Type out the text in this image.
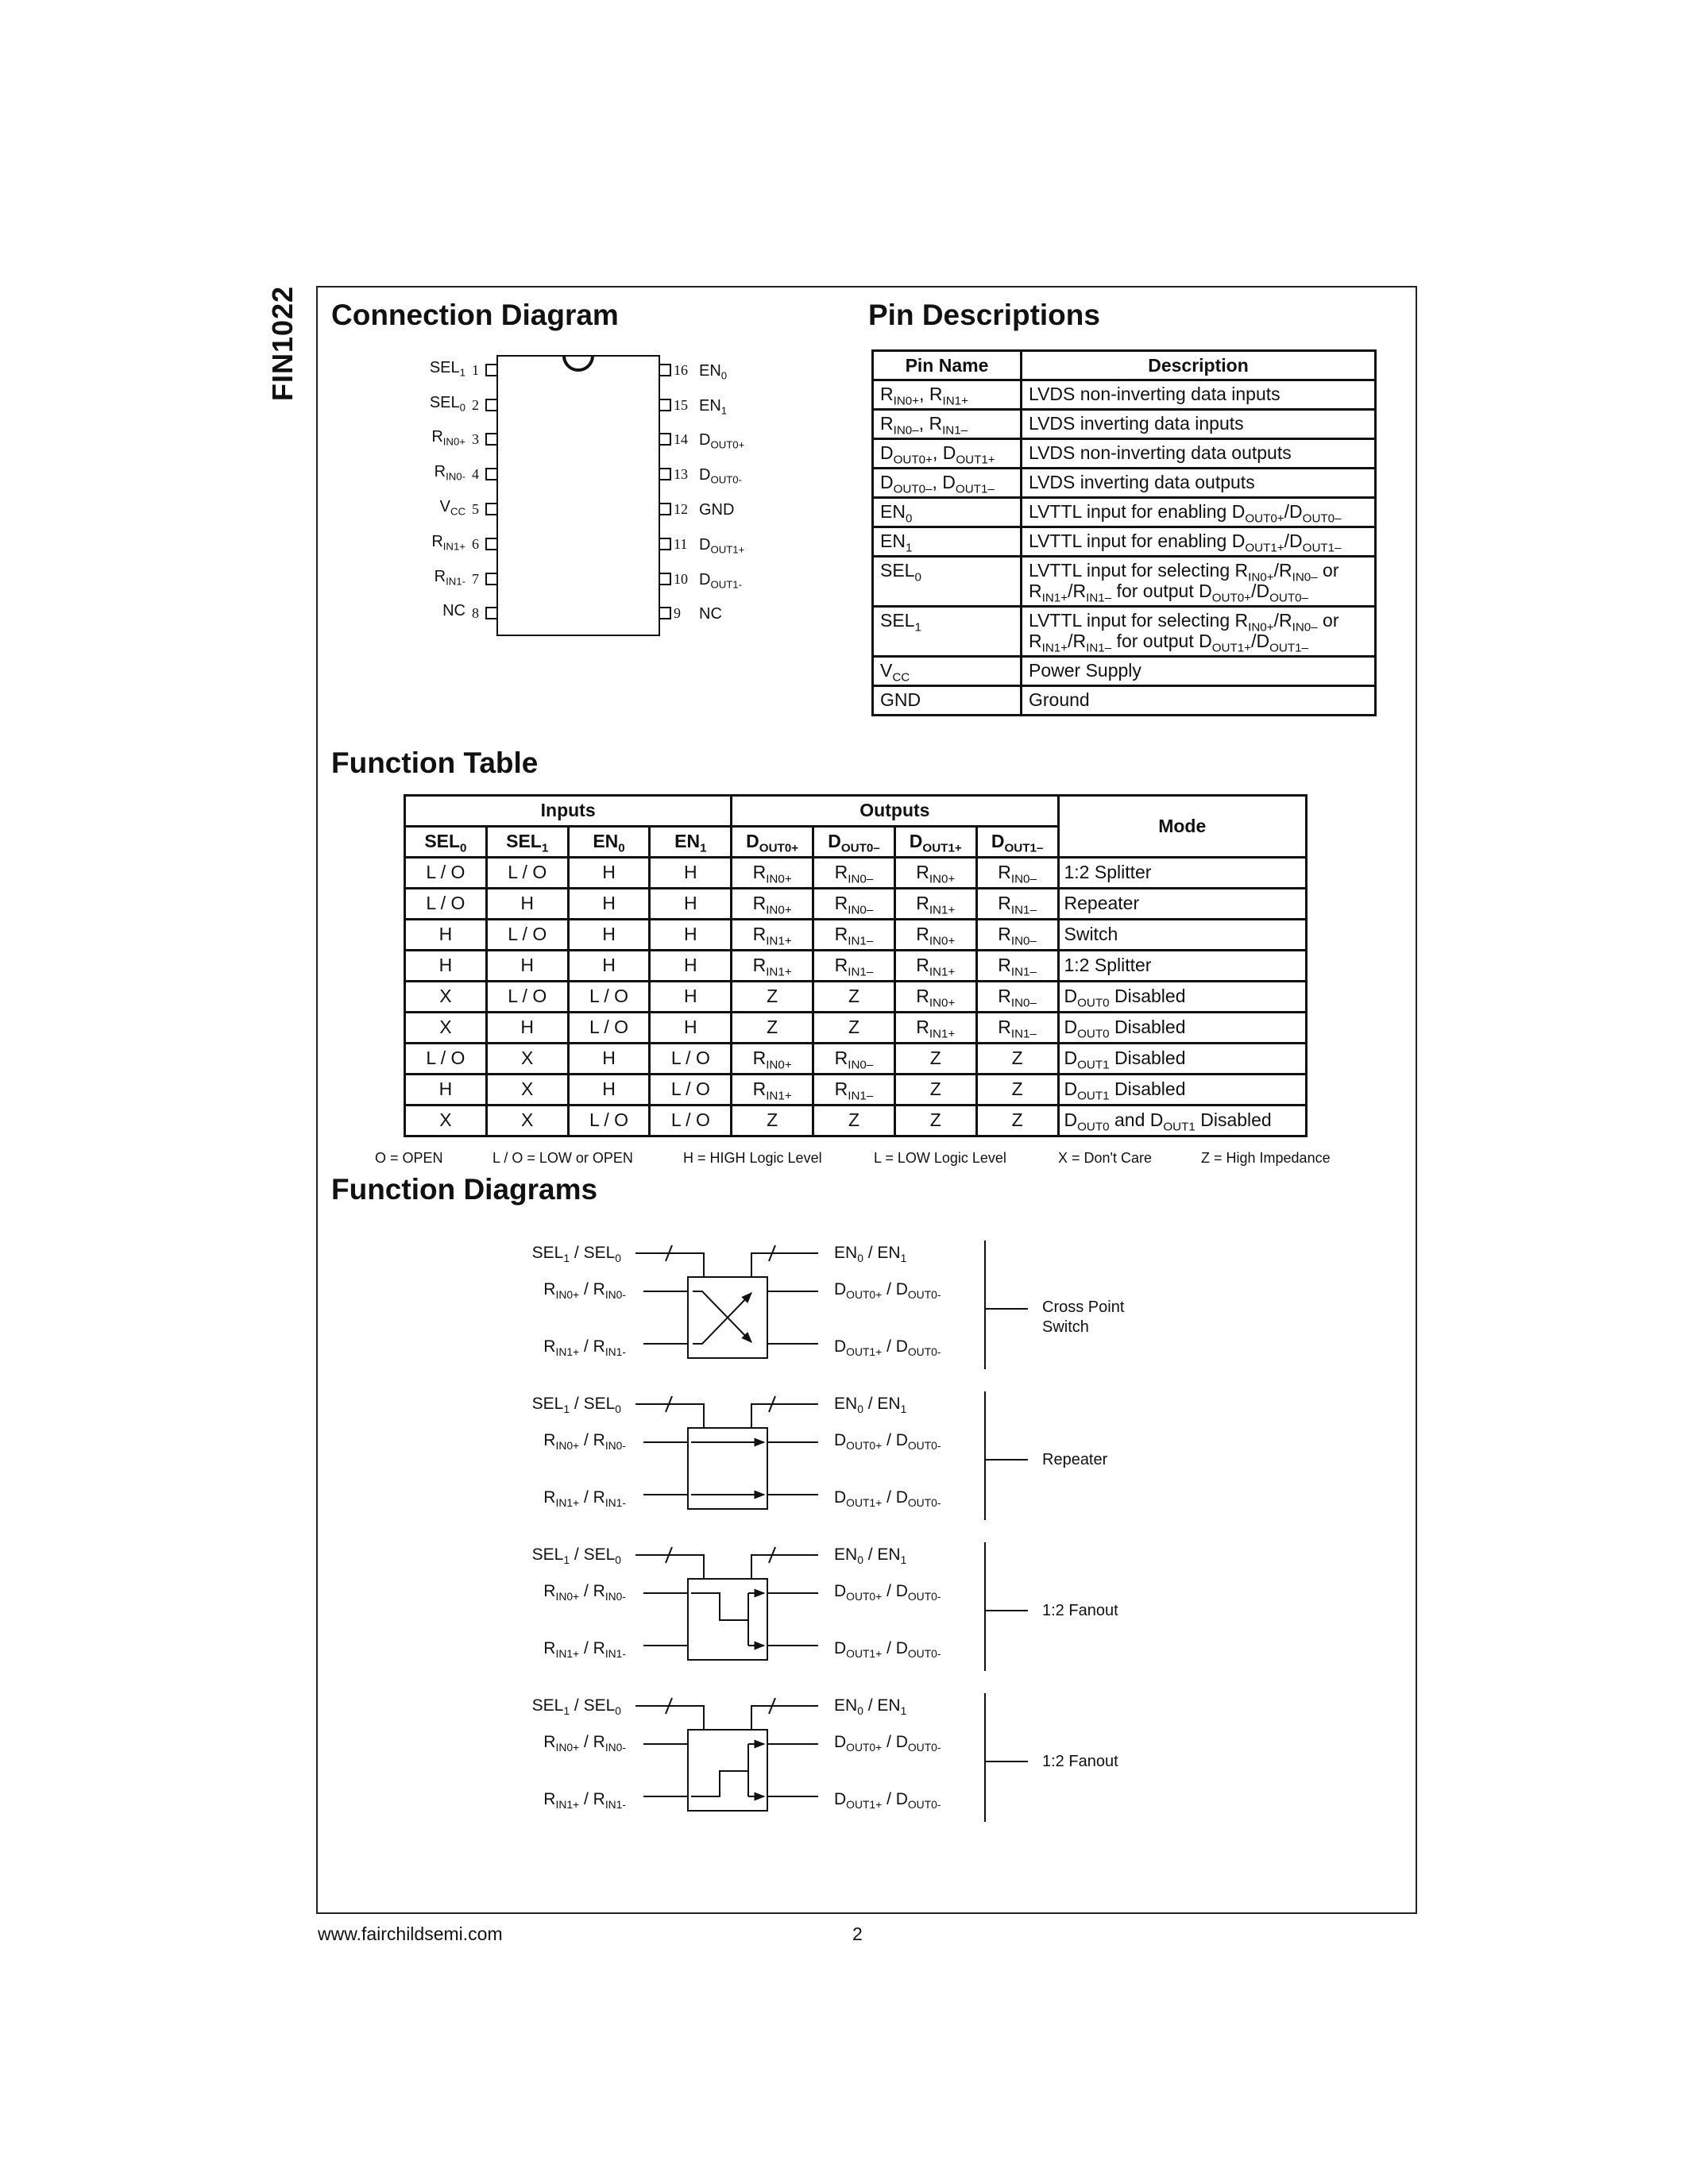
FIN1022 Connection Diagram	Pin Descriptions
Function Table
Function Diagrams
1
$SEL_1$
2
$SEL_0$
3
$R_{IN0+}$
4
$R_{IN0-}$
5
$V_{CC}$
6
$R_{IN1+}$
7
$R_{IN1-}$
8
NC	9 NC
10 $D_{OUT1-}$
11 $D_{OUT1+}$
12 GND
13 $D_{OUT0-}$
14 $D_{OUT0+}$
15 $EN_1$
16 $EN_0$
Pin Name	Description
$R_{IN0+}$, $R_{IN1+}$	LVDS non-inverting data inputs
$R_{IN0-}$, $R_{IN1-}$	LVDS inverting data inputs
$D_{OUT0+}$, $D_{OUT1+}$	LVDS non-inverting data outputs
$D_{OUT0-}$, $D_{OUT1-}$	LVDS inverting data outputs
$EN_0$	LVTTL input for enabling $D_{OUT0+}/D_{OUT0-}$
$EN_1$	LVTTL input for enabling $D_{OUT1+}/D_{OUT1-}$
$SEL_0$	LVTTL input for selecting $R_{IN0+}/R_{IN0-}$ or
$R_{IN1+}/R_{IN1-}$ for output $D_{OUT0+}/D_{OUT0-}$
$SEL_1$	LVTTL input for selecting $R_{IN0+}/R_{IN0-}$ or
$R_{IN1+}/R_{IN1-}$ for output $D_{OUT1+}/D_{OUT1-}$
$V_{CC}$	Power Supply
GND	Ground
Inputs				Outputs				Mode
$SEL_0$	$SEL_1$	$EN_0$	$EN_1$	$D_{OUT0+}$	$D_{OUT0-}$	$D_{OUT1+}$	$D_{OUT1-}$
L / O	L / O	H	H	$R_{IN0+}$	$R_{IN0-}$	$R_{IN0+}$	$R_{IN0-}$	1:2 Splitter
L / O	H	H	H	$R_{IN0+}$	$R_{IN0-}$	$R_{IN1+}$	$R_{IN1-}$	Repeater
H	L / O	H	H	$R_{IN1+}$	$R_{IN1-}$	$R_{IN0+}$	$R_{IN0-}$	Switch
H	H	H	H	$R_{IN1+}$	$R_{IN1-}$	$R_{IN1+}$	$R_{IN1-}$	1:2 Splitter
X	L / O	L / O	H	Z	Z	$R_{IN0+}$	$R_{IN0-}$	$D_{OUT0}$ Disabled
X	H	L / O	H	Z	Z	$R_{IN1+}$	$R_{IN1-}$	$D_{OUT0}$ Disabled
L / O	X	H	L / O	$R_{IN0+}$	$R_{IN0-}$	Z	Z	$D_{OUT1}$ Disabled
H	X	H	L / O	$R_{IN1+}$	$R_{IN1-}$	Z	Z	$D_{OUT1}$ Disabled
X	X	L / O	L / O	Z	Z	Z	Z	$D_{OUT0}$ and $D_{OUT1}$ Disabled
O = OPEN	L / O = LOW or OPEN	H = HIGH Logic Level	L = LOW Logic Level	X = Don't Care	Z = High Impedance
$SEL_1 / SEL_0$
$R_{IN0+} / R_{IN0-}$
$R_{IN1+} / R_{IN1-}$
$EN_0 / EN_1$
$D_{OUT0+} / D_{OUT0-}$
$D_{OUT1+} / D_{OUT0-}$
Cross Point
Switch
$SEL_1 / SEL_0$
$R_{IN0+} / R_{IN0-}$
$R_{IN1+} / R_{IN1-}$
$EN_0 / EN_1$
$D_{OUT0+} / D_{OUT0-}$
$D_{OUT1+} / D_{OUT0-}$
Repeater
$SEL_1 / SEL_0$
$R_{IN0+} / R_{IN0-}$
$R_{IN1+} / R_{IN1-}$
$EN_0 / EN_1$
$D_{OUT0+} / D_{OUT0-}$
$D_{OUT1+} / D_{OUT0-}$
1:2 Fanout
$SEL_1 / SEL_0$
$R_{IN0+} / R_{IN0-}$
$R_{IN1+} / R_{IN1-}$
$EN_0 / EN_1$
$D_{OUT0+} / D_{OUT0-}$
$D_{OUT1+} / D_{OUT0-}$
1:2 Fanout
www.fairchildsemi.com	2
